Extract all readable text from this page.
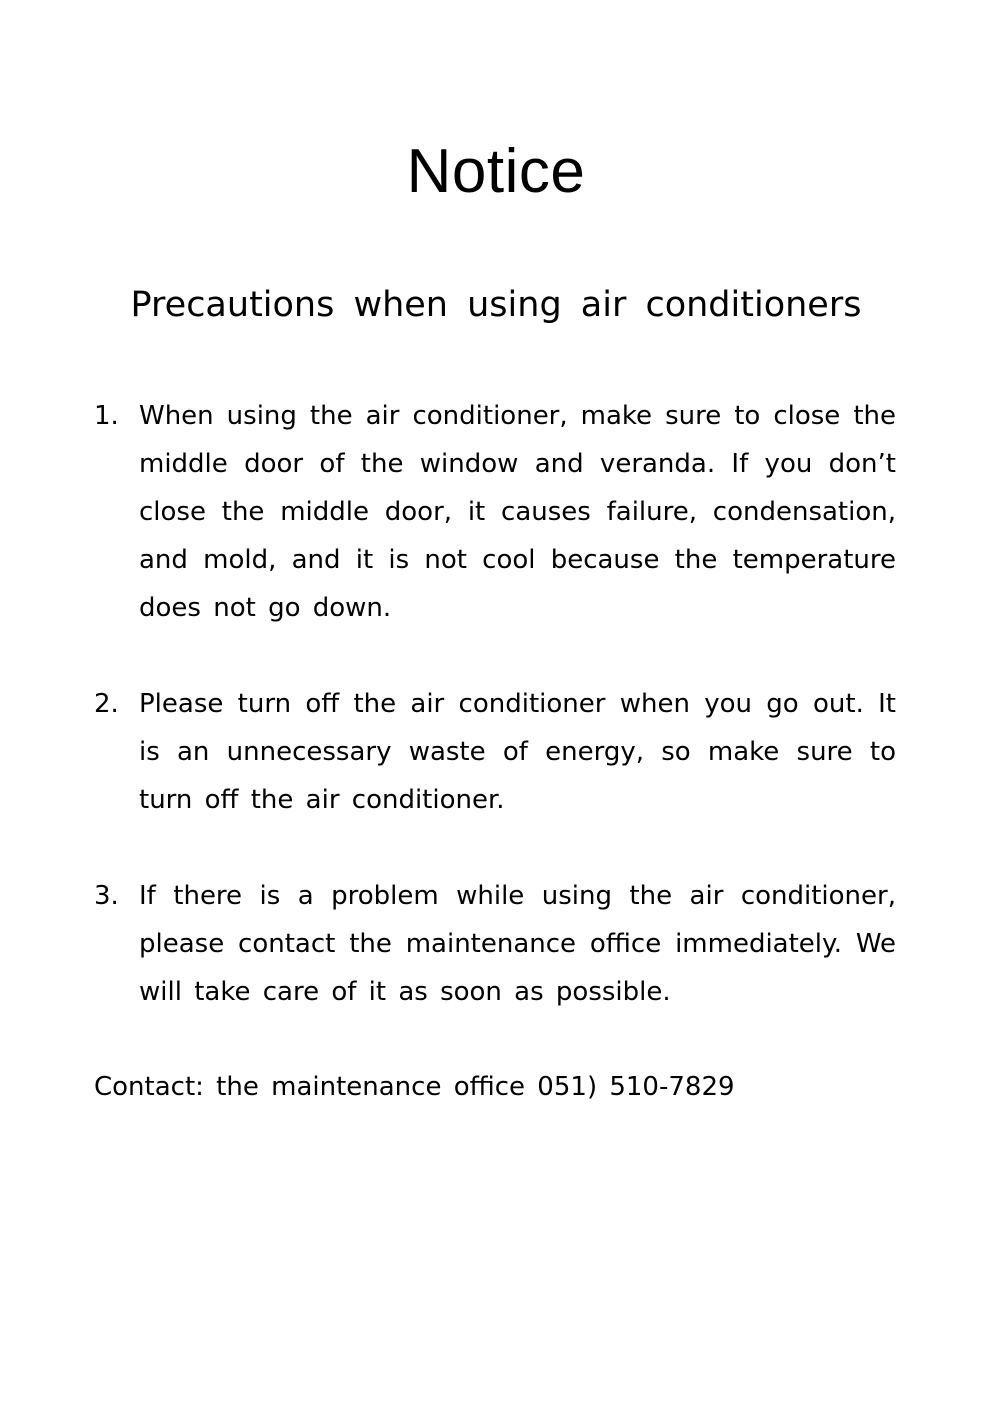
Notice
Precautions when using air conditioners
1. When using the air conditioner, make sure to close the middle door of the window and veranda. If you don’t close the middle door, it causes failure, condensation, and mold, and it is not cool because the temperature does not go down.
2. Please turn off the air conditioner when you go out. It is an unnecessary waste of energy, so make sure to turn off the air conditioner.
3. If there is a problem while using the air conditioner, please contact the maintenance office immediately. We will take care of it as soon as possible.

Contact: the maintenance office 051) 510-7829
